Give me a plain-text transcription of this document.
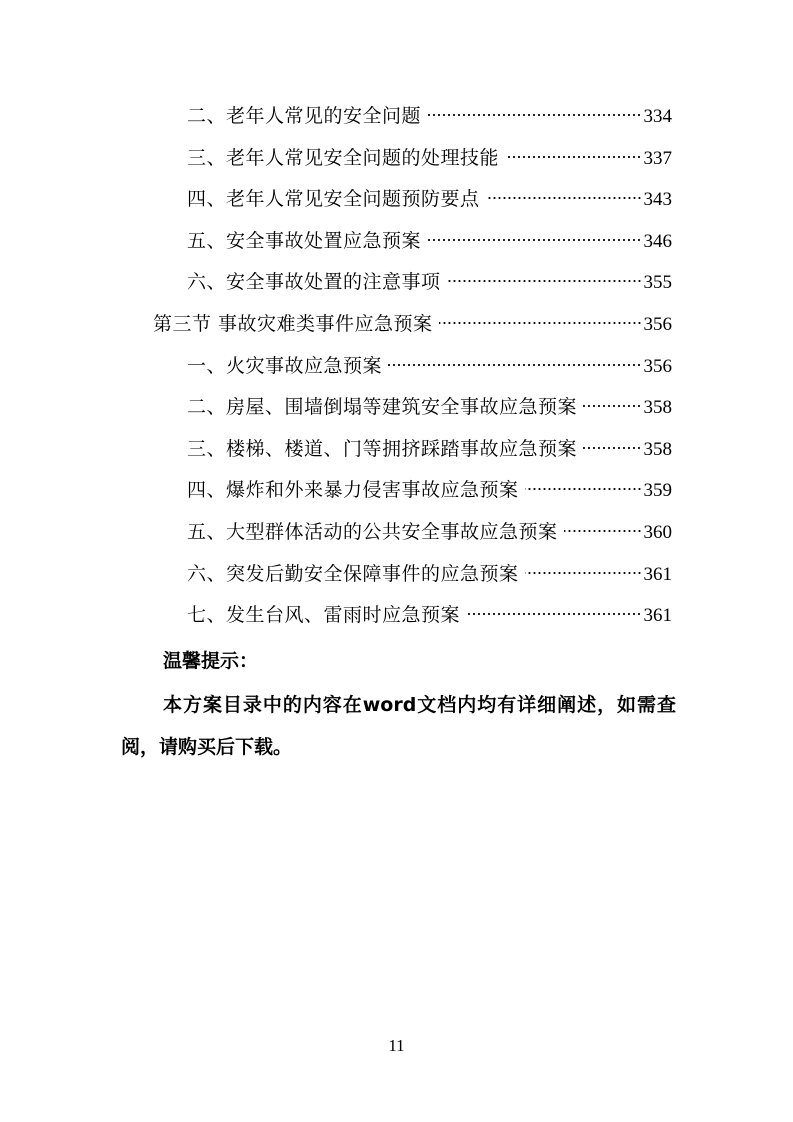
二、老年人常见的安全问题	334
三、老年人常见安全问题的处理技能	337
四、老年人常见安全问题预防要点	343
五、安全事故处置应急预案	346
六、安全事故处置的注意事项	355
第三节 事故灾难类事件应急预案	356
一、火灾事故应急预案	356
二、房屋、围墙倒塌等建筑安全事故应急预案	358
三、楼梯、楼道、门等拥挤踩踏事故应急预案	358
四、爆炸和外来暴力侵害事故应急预案	359
五、大型群体活动的公共安全事故应急预案	360
六、突发后勤安全保障事件的应急预案	361
七、发生台风、雷雨时应急预案	361
温馨提示：
本方案目录中的内容在word文档内均有详细阐述，如需查阅，请购买后下载。
11
